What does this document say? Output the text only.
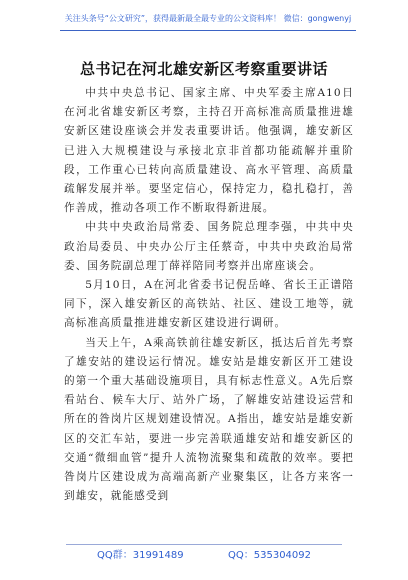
关注头条号“公文研究”，获得最新最全最专业的公文资料库！ 微信：gongwenyj
总书记在河北雄安新区考察重要讲话

中共中央总书记、国家主席、中央军委主席A10日在河北省雄安新区考察，主持召开高标准高质量推进雄安新区建设座谈会并发表重要讲话。他强调，雄安新区已进入大规模建设与承接北京非首都功能疏解并重阶段，工作重心已转向高质量建设、高水平管理、高质量疏解发展并举。要坚定信心，保持定力，稳扎稳打，善作善成，推动各项工作不断取得新进展。

中共中央政治局常委、国务院总理李强，中共中央政治局委员、中央办公厅主任蔡奇，中共中央政治局常委、国务院副总理丁薛祥陪同考察并出席座谈会。

5月10日，A在河北省委书记倪岳峰、省长王正谱陪同下，深入雄安新区的高铁站、社区、建设工地等，就高标准高质量推进雄安新区建设进行调研。

当天上午，A乘高铁前往雄安新区，抵达后首先考察了雄安站的建设运行情况。雄安站是雄安新区开工建设的第一个重大基础设施项目，具有标志性意义。A先后察看站台、候车大厅、站外广场，了解雄安站建设运营和所在的昝岗片区规划建设情况。A指出，雄安站是雄安新区的交汇车站，要进一步完善联通雄安站和雄安新区的交通“微细血管”提升人流物流聚集和疏散的效率。要把昝岗片区建设成为高端高新产业聚集区，让各方来客一到雄安，就能感受到

QQ群：31991489	QQ：535304092
